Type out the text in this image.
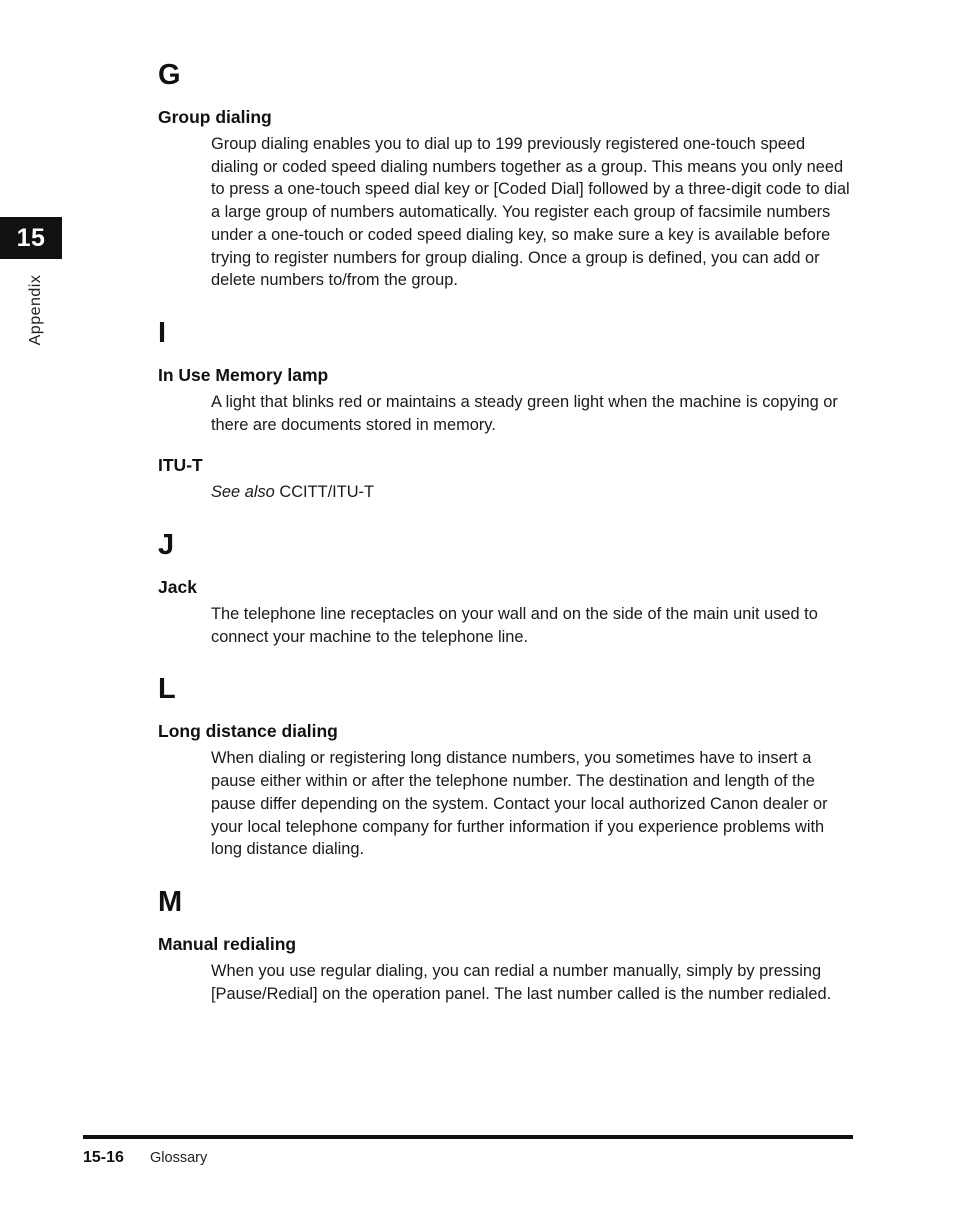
15
Appendix
G
Group dialing

Group dialing enables you to dial up to 199 previously registered one-touch speed dialing or coded speed dialing numbers together as a group. This means you only need to press a one-touch speed dial key or [Coded Dial] followed by a three-digit code to dial a large group of numbers automatically. You register each group of facsimile numbers under a one-touch or coded speed dialing key, so make sure a key is available before trying to register numbers for group dialing. Once a group is defined, you can add or delete numbers to/from the group.

I
In Use Memory lamp

A light that blinks red or maintains a steady green light when the machine is copying or there are documents stored in memory.

ITU-T

See also CCITT/ITU-T

J
Jack

The telephone line receptacles on your wall and on the side of the main unit used to connect your machine to the telephone line.

L
Long distance dialing

When dialing or registering long distance numbers, you sometimes have to insert a pause either within or after the telephone number. The destination and length of the pause differ depending on the system. Contact your local authorized Canon dealer or your local telephone company for further information if you experience problems with long distance dialing.

M
Manual redialing

When you use regular dialing, you can redial a number manually, simply by pressing [Pause/Redial] on the operation panel. The last number called is the number redialed.

15-16 Glossary
